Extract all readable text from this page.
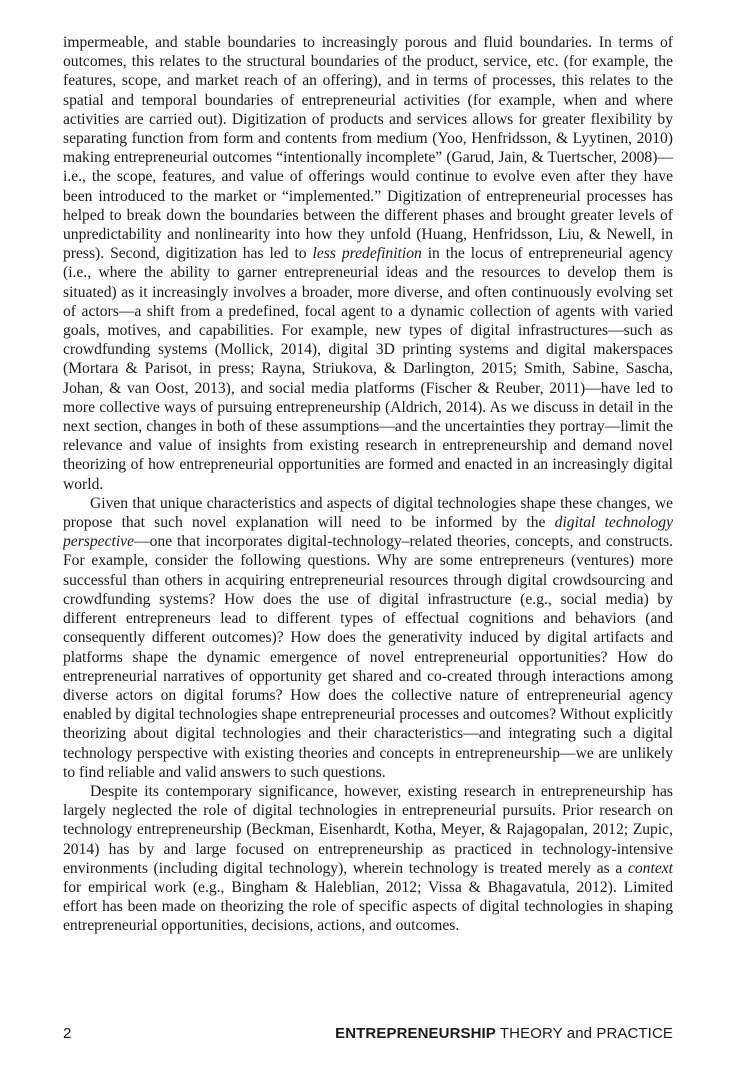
impermeable, and stable boundaries to increasingly porous and fluid boundaries. In terms of outcomes, this relates to the structural boundaries of the product, service, etc. (for example, the features, scope, and market reach of an offering), and in terms of processes, this relates to the spatial and temporal boundaries of entrepreneurial activities (for example, when and where activities are carried out). Digitization of products and services allows for greater flexibility by separating function from form and contents from medium (Yoo, Henfridsson, & Lyytinen, 2010) making entrepreneurial outcomes “intentionally incomplete” (Garud, Jain, & Tuertscher, 2008)—i.e., the scope, features, and value of offerings would continue to evolve even after they have been introduced to the market or “implemented.” Digitization of entrepreneurial processes has helped to break down the boundaries between the different phases and brought greater levels of unpredictability and nonlinearity into how they unfold (Huang, Henfridsson, Liu, & Newell, in press). Second, digitization has led to less predefinition in the locus of entrepreneurial agency (i.e., where the ability to garner entrepreneurial ideas and the resources to develop them is situated) as it increasingly involves a broader, more diverse, and often continuously evolving set of actors—a shift from a predefined, focal agent to a dynamic collection of agents with varied goals, motives, and capabilities. For example, new types of digital infrastructures—such as crowdfunding systems (Mollick, 2014), digital 3D printing systems and digital makerspaces (Mortara & Parisot, in press; Rayna, Striukova, & Darlington, 2015; Smith, Sabine, Sascha, Johan, & van Oost, 2013), and social media platforms (Fischer & Reuber, 2011)—have led to more collective ways of pursuing entrepreneurship (Aldrich, 2014). As we discuss in detail in the next section, changes in both of these assumptions—and the uncertainties they portray—limit the relevance and value of insights from existing research in entrepreneurship and demand novel theorizing of how entrepreneurial opportunities are formed and enacted in an increasingly digital world.

Given that unique characteristics and aspects of digital technologies shape these changes, we propose that such novel explanation will need to be informed by the digital technology perspective—one that incorporates digital-technology–related theories, concepts, and constructs. For example, consider the following questions. Why are some entrepreneurs (ventures) more successful than others in acquiring entrepreneurial resources through digital crowdsourcing and crowdfunding systems? How does the use of digital infrastructure (e.g., social media) by different entrepreneurs lead to different types of effectual cognitions and behaviors (and consequently different outcomes)? How does the generativity induced by digital artifacts and platforms shape the dynamic emergence of novel entrepreneurial opportunities? How do entrepreneurial narratives of opportunity get shared and co-created through interactions among diverse actors on digital forums? How does the collective nature of entrepreneurial agency enabled by digital technologies shape entrepreneurial processes and outcomes? Without explicitly theorizing about digital technologies and their characteristics—and integrating such a digital technology perspective with existing theories and concepts in entrepreneurship—we are unlikely to find reliable and valid answers to such questions.

Despite its contemporary significance, however, existing research in entrepreneurship has largely neglected the role of digital technologies in entrepreneurial pursuits. Prior research on technology entrepreneurship (Beckman, Eisenhardt, Kotha, Meyer, & Rajagopalan, 2012; Zupic, 2014) has by and large focused on entrepreneurship as practiced in technology-intensive environments (including digital technology), wherein technology is treated merely as a context for empirical work (e.g., Bingham & Haleblian, 2012; Vissa & Bhagavatula, 2012). Limited effort has been made on theorizing the role of specific aspects of digital technologies in shaping entrepreneurial opportunities, decisions, actions, and outcomes.

2	ENTREPRENEURSHIP THEORY and PRACTICE
